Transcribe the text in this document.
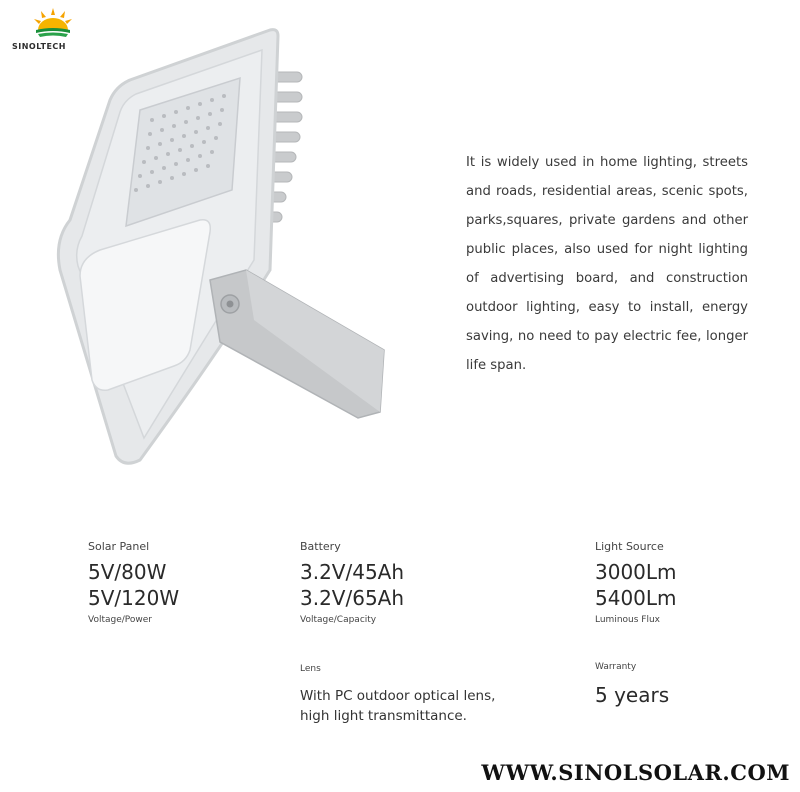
SINOLTECH

It is widely used in home lighting, streets and roads, residential areas, scenic spots, parks,squares, private gardens and other public places, also used for night lighting of advertising board, and construction outdoor lighting, easy to install, energy saving, no need to pay electric fee, longer life span.

Solar Panel
5V/80W
5V/120W
Voltage/Power
Battery
3.2V/45Ah
3.2V/65Ah
Voltage/Capacity
Light Source
3000Lm
5400Lm
Luminous Flux
Lens
With PC outdoor optical lens,
high light transmittance.
Warranty
5 years
WWW.SINOLSOLAR.COM
